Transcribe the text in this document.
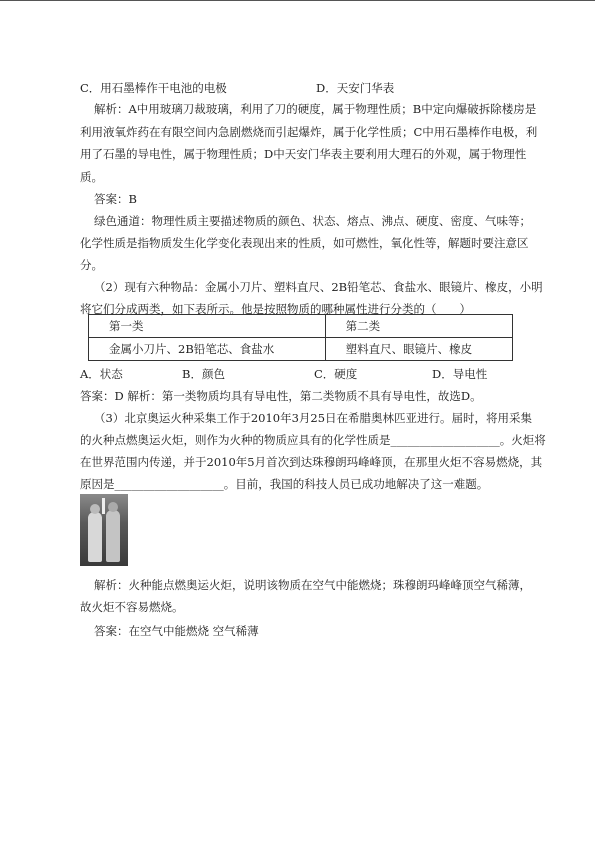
C．用石墨棒作干电池的电极	D．天安门华表
解析：A中用玻璃刀裁玻璃，利用了刀的硬度，属于物理性质；B中定向爆破拆除楼房是
利用液氧炸药在有限空间内急剧燃烧而引起爆炸，属于化学性质；C中用石墨棒作电极，利
用了石墨的导电性，属于物理性质；D中天安门华表主要利用大理石的外观，属于物理性
质。
答案：B
绿色通道：物理性质主要描述物质的颜色、状态、熔点、沸点、硬度、密度、气味等；
化学性质是指物质发生化学变化表现出来的性质，如可燃性，氧化性等，解题时要注意区
分。
（2）现有六种物品：金属小刀片、塑料直尺、2B铅笔芯、食盐水、眼镜片、橡皮，小明
将它们分成两类，如下表所示。他是按照物质的哪种属性进行分类的（　　）
第一类	第二类
金属小刀片、2B铅笔芯、食盐水	塑料直尺、眼镜片、橡皮
A．状态	B．颜色	C．硬度	D．导电性
答案：D 解析：第一类物质均具有导电性，第二类物质不具有导电性，故选D。
（3）北京奥运火种采集工作于2010年3月25日在希腊奥林匹亚进行。届时，将用采集
的火种点燃奥运火炬，则作为火种的物质应具有的化学性质是___________________。火炬将
在世界范围内传递，并于2010年5月首次到达珠穆朗玛峰峰顶，在那里火炬不容易燃烧，其
原因是___________________。目前，我国的科技人员已成功地解决了这一难题。
解析：火种能点燃奥运火炬，说明该物质在空气中能燃烧；珠穆朗玛峰峰顶空气稀薄，
故火炬不容易燃烧。
答案：在空气中能燃烧 空气稀薄
